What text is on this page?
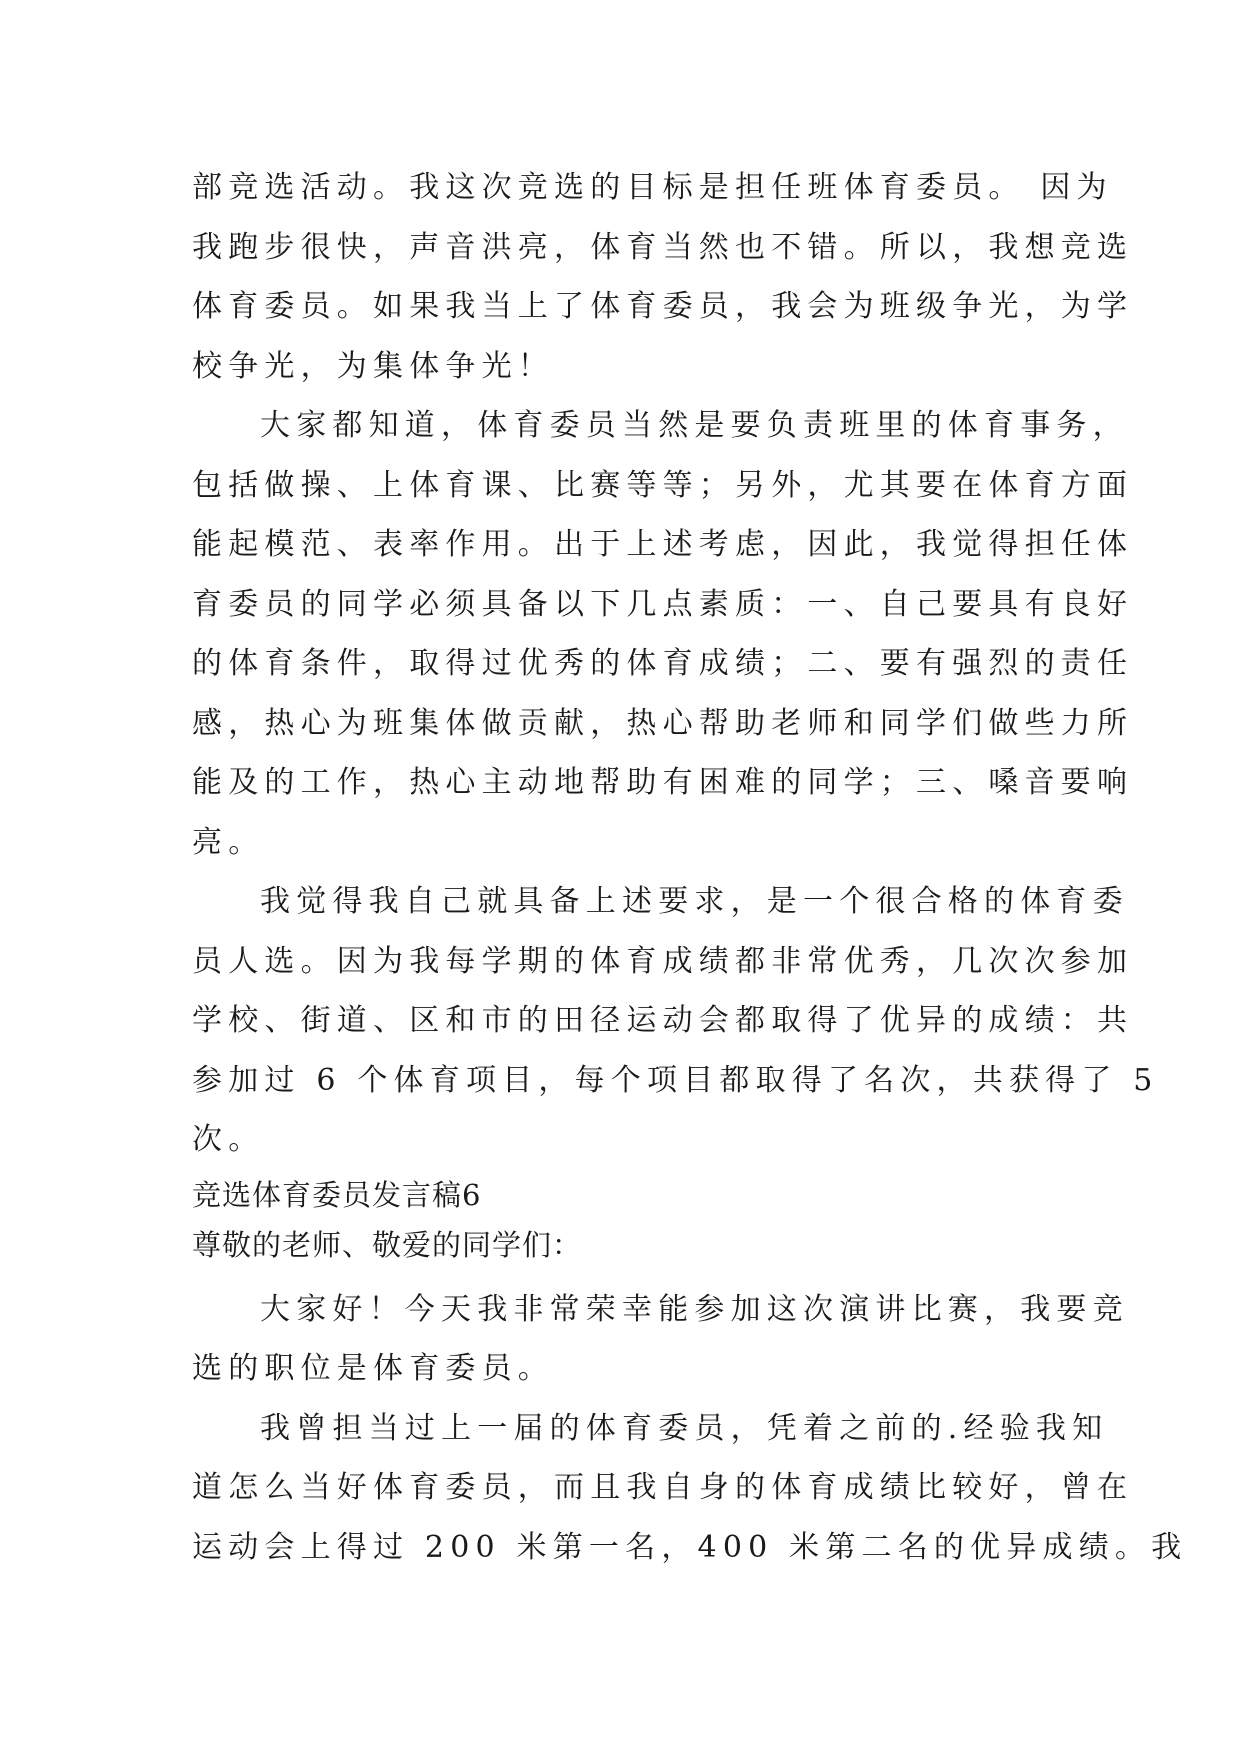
部竞选活动。我这次竞选的目标是担任班体育委员。 因为
我跑步很快，声音洪亮，体育当然也不错。所以，我想竞选
体育委员。如果我当上了体育委员，我会为班级争光，为学
校争光，为集体争光！
大家都知道，体育委员当然是要负责班里的体育事务，
包括做操、上体育课、比赛等等；另外，尤其要在体育方面
能起模范、表率作用。出于上述考虑，因此，我觉得担任体
育委员的同学必须具备以下几点素质：一、自己要具有良好
的体育条件，取得过优秀的体育成绩；二、要有强烈的责任
感，热心为班集体做贡献，热心帮助老师和同学们做些力所
能及的工作，热心主动地帮助有困难的同学；三、嗓音要响
亮。
我觉得我自己就具备上述要求，是一个很合格的体育委
员人选。因为我每学期的体育成绩都非常优秀，几次次参加
学校、街道、区和市的田径运动会都取得了优异的成绩：共
参加过 6 个体育项目，每个项目都取得了名次，共获得了 5
次。
竞选体育委员发言稿6
尊敬的老师、敬爱的同学们：
大家好！今天我非常荣幸能参加这次演讲比赛，我要竞
选的职位是体育委员。
我曾担当过上一届的体育委员，凭着之前的.经验我知
道怎么当好体育委员，而且我自身的体育成绩比较好，曾在
运动会上得过 200 米第一名，400 米第二名的优异成绩。我
